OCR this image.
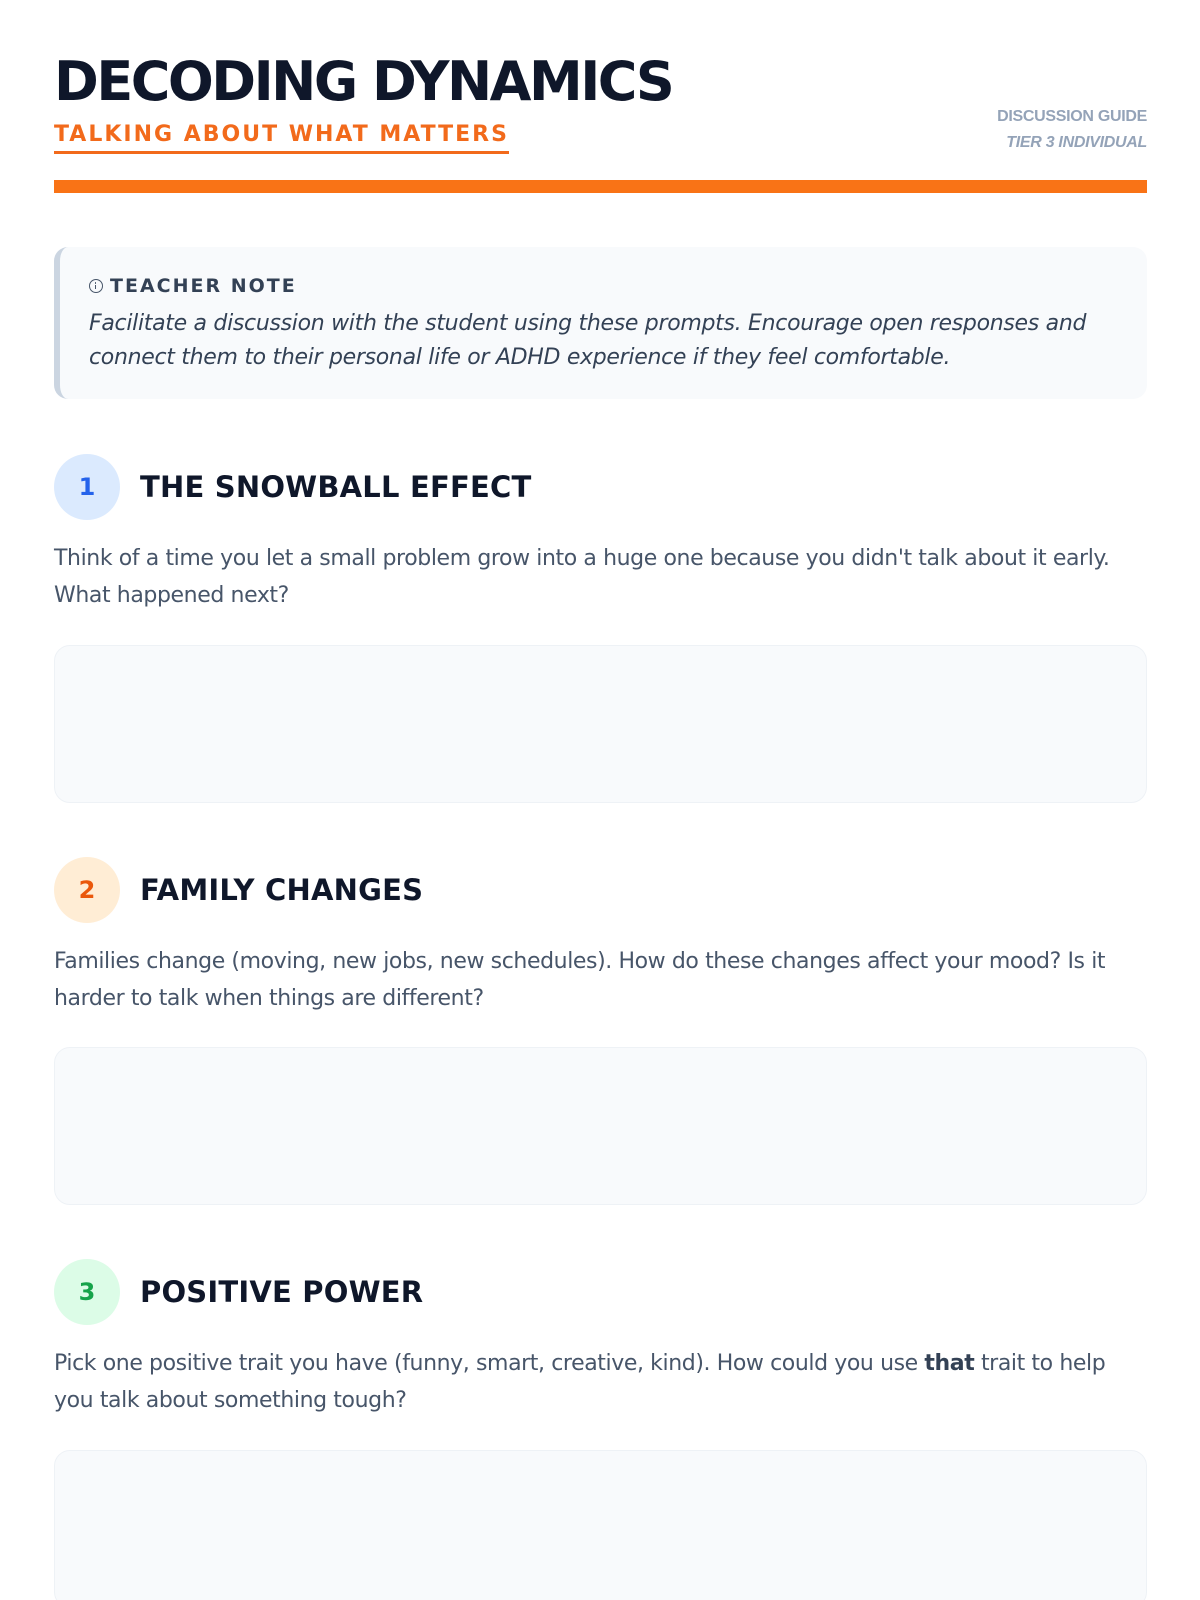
DECODING DYNAMICS
TALKING ABOUT WHAT MATTERS
DISCUSSION GUIDE
TIER 3 INDIVIDUAL
TEACHER NOTE
Facilitate a discussion with the student using these prompts. Encourage open responses and connect them to their personal life or ADHD experience if they feel comfortable.
1	THE SNOWBALL EFFECT
Think of a time you let a small problem grow into a huge one because you didn't talk about it early. What happened next?
2	FAMILY CHANGES
Families change (moving, new jobs, new schedules). How do these changes affect your mood? Is it harder to talk when things are different?
3	POSITIVE POWER
Pick one positive trait you have (funny, smart, creative, kind). How could you use that trait to help you talk about something tough?
